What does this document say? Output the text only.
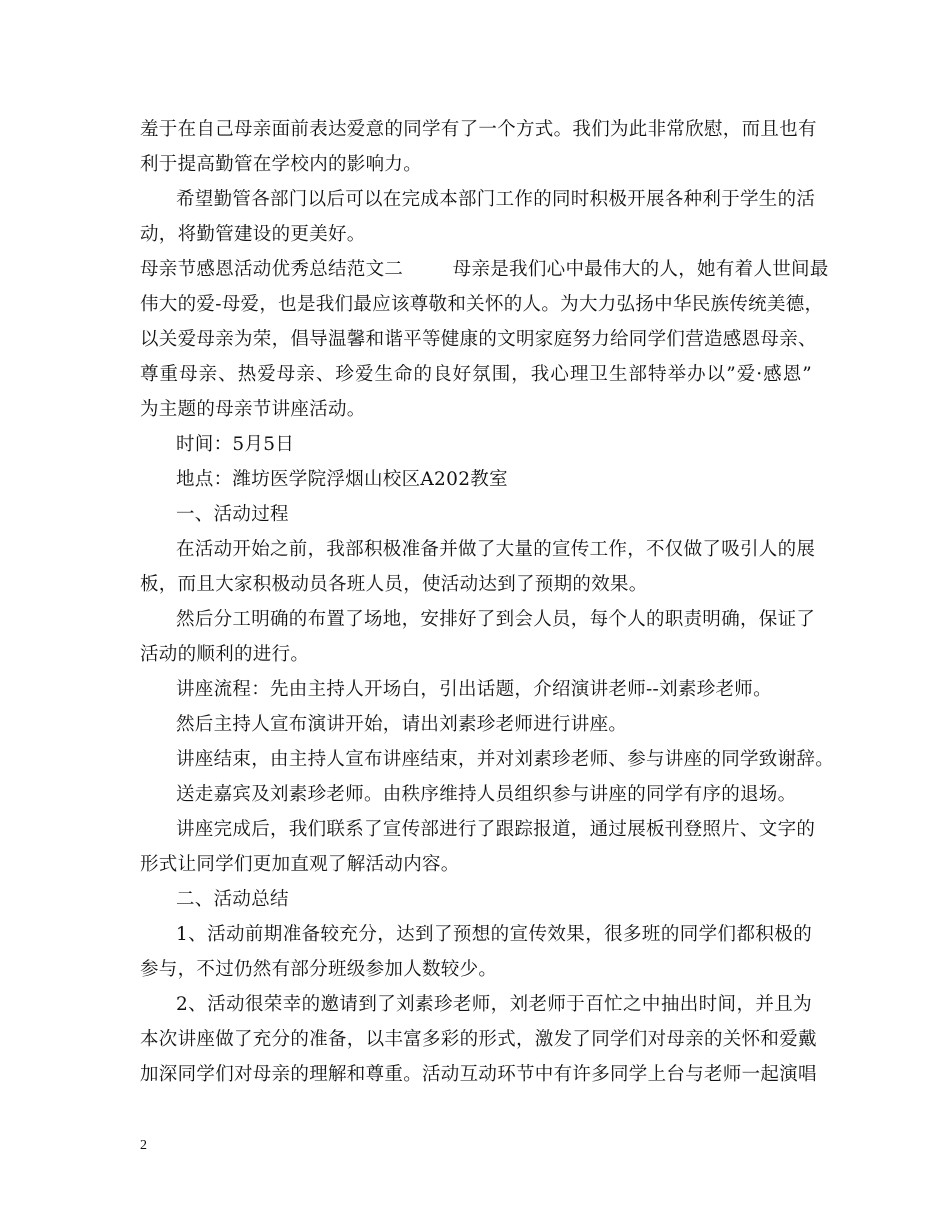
羞于在自己母亲面前表达爱意的同学有了一个方式。我们为此非常欣慰，而且也有
利于提高勤管在学校内的影响力。
希望勤管各部门以后可以在完成本部门工作的同时积极开展各种利于学生的活
动，将勤管建设的更美好。
母亲节感恩活动优秀总结范文二        母亲是我们心中最伟大的人，她有着人世间最
伟大的爱-母爱，也是我们最应该尊敬和关怀的人。为大力弘扬中华民族传统美德，
以关爱母亲为荣，倡导温馨和谐平等健康的文明家庭努力给同学们营造感恩母亲、
尊重母亲、热爱母亲、珍爱生命的良好氛围，我心理卫生部特举办以”爱·感恩”
为主题的母亲节讲座活动。
时间：5月5日
地点：潍坊医学院浮烟山校区A202教室
一、活动过程
在活动开始之前，我部积极准备并做了大量的宣传工作，不仅做了吸引人的展
板，而且大家积极动员各班人员，使活动达到了预期的效果。
然后分工明确的布置了场地，安排好了到会人员，每个人的职责明确，保证了
活动的顺利的进行。
讲座流程：先由主持人开场白，引出话题，介绍演讲老师--刘素珍老师。
然后主持人宣布演讲开始，请出刘素珍老师进行讲座。
讲座结束，由主持人宣布讲座结束，并对刘素珍老师、参与讲座的同学致谢辞。
送走嘉宾及刘素珍老师。由秩序维持人员组织参与讲座的同学有序的退场。
讲座完成后，我们联系了宣传部进行了跟踪报道，通过展板刊登照片、文字的
形式让同学们更加直观了解活动内容。
二、活动总结
1、活动前期准备较充分，达到了预想的宣传效果，很多班的同学们都积极的
参与，不过仍然有部分班级参加人数较少。
2、活动很荣幸的邀请到了刘素珍老师，刘老师于百忙之中抽出时间，并且为
本次讲座做了充分的准备，以丰富多彩的形式，激发了同学们对母亲的关怀和爱戴
加深同学们对母亲的理解和尊重。活动互动环节中有许多同学上台与老师一起演唱
2
